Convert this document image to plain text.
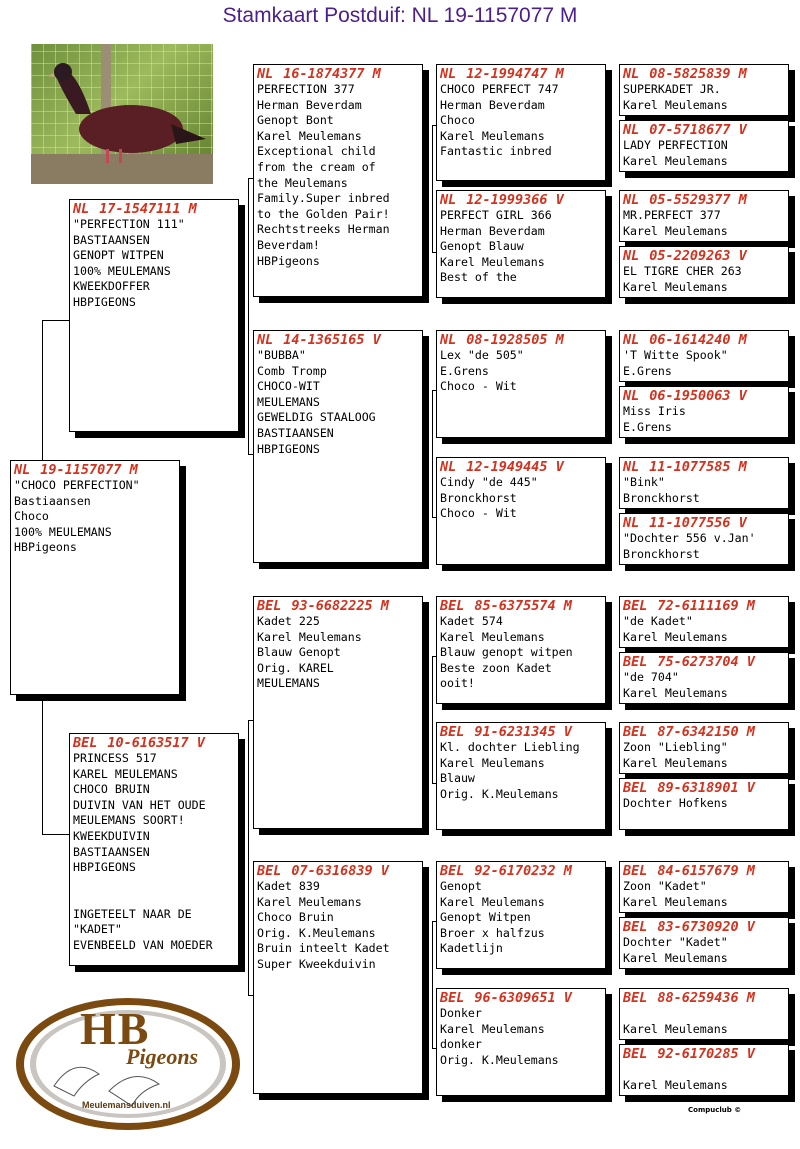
Stamkaart Postduif: NL 19-1157077 M
NL 19-1157077 M
"CHOCO PERFECTION"
Bastiaansen
Choco
100% MEULEMANS
HBPigeons
NL 17-1547111 M
"PERFECTION 111"
BASTIAANSEN
GENOPT WITPEN
100% MEULEMANS
KWEEKDOFFER
HBPIGEONS
BEL 10-6163517 V
PRINCESS 517
KAREL MEULEMANS
CHOCO BRUIN
DUIVIN VAN HET OUDE
MEULEMANS SOORT!
KWEEKDUIVIN
BASTIAANSEN
HBPIGEONS
INGETEELT NAAR DE
"KADET"
EVENBEELD VAN MOEDER
NL 16-1874377 M
PERFECTION 377
Herman Beverdam
Genopt Bont
Karel Meulemans
Exceptional child
from the cream of
the Meulemans
Family.Super inbred
to the Golden Pair!
Rechtstreeks Herman
Beverdam!
HBPigeons
NL 14-1365165 V
"BUBBA"
Comb Tromp
CHOCO-WIT
MEULEMANS
GEWELDIG STAALOOG
BASTIAANSEN
HBPIGEONS
BEL 93-6682225 M
Kadet 225
Karel Meulemans
Blauw Genopt
Orig. KAREL
MEULEMANS
BEL 07-6316839 V
Kadet 839
Karel Meulemans
Choco Bruin
Orig. K.Meulemans
Bruin inteelt Kadet
Super Kweekduivin
NL 12-1994747 M
CHOCO PERFECT 747
Herman Beverdam
Choco
Karel Meulemans
Fantastic inbred
NL 12-1999366 V
PERFECT GIRL 366
Herman Beverdam
Genopt Blauw
Karel Meulemans
Best of the
NL 08-1928505 M
Lex "de 505"
E.Grens
Choco - Wit
NL 12-1949445 V
Cindy "de 445"
Bronckhorst
Choco - Wit
BEL 85-6375574 M
Kadet 574
Karel Meulemans
Blauw genopt witpen
Beste zoon Kadet
ooit!
BEL 91-6231345 V
Kl. dochter Liebling
Karel Meulemans
Blauw
Orig. K.Meulemans
BEL 92-6170232 M
Genopt
Karel Meulemans
Genopt Witpen
Broer x halfzus
Kadetlijn
BEL 96-6309651 V
Donker
Karel Meulemans
donker
Orig. K.Meulemans
NL 08-5825839 M
SUPERKADET JR.
Karel Meulemans
NL 07-5718677 V
LADY PERFECTION
Karel Meulemans
NL 05-5529377 M
MR.PERFECT 377
Karel Meulemans
NL 05-2209263 V
EL TIGRE CHER 263
Karel Meulemans
NL 06-1614240 M
'T Witte Spook"
E.Grens
NL 06-1950063 V
Miss Iris
E.Grens
NL 11-1077585 M
"Bink"
Bronckhorst
NL 11-1077556 V
"Dochter 556 v.Jan'
Bronckhorst
BEL 72-6111169 M
"de Kadet"
Karel Meulemans
BEL 75-6273704 V
"de 704"
Karel Meulemans
BEL 87-6342150 M
Zoon "Liebling"
Karel Meulemans
BEL 89-6318901 V
Dochter Hofkens
BEL 84-6157679 M
Zoon "Kadet"
Karel Meulemans
BEL 83-6730920 V
Dochter "Kadet"
Karel Meulemans
BEL 88-6259436 M

Karel Meulemans
BEL 92-6170285 V

Karel Meulemans
HB
Pigeons
Meulemansduiven.nl	Compuclub ©
